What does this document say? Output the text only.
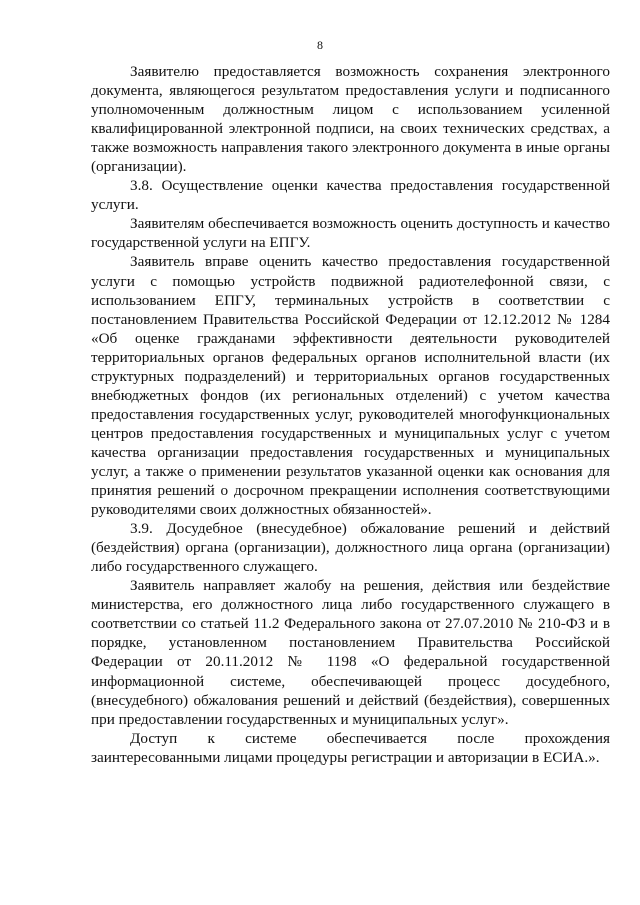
8

Заявителю предоставляется возможность сохранения электронного документа, являющегося результатом предоставления услуги и подписанного уполномоченным должностным лицом с использованием усиленной квалифицированной электронной подписи, на своих технических средствах, а также возможность направления такого электронного документа в иные органы (организации).

3.8. Осуществление оценки качества предоставления государственной услуги.

Заявителям обеспечивается возможность оценить доступность и качество государственной услуги на ЕПГУ.

Заявитель вправе оценить качество предоставления государственной услуги с помощью устройств подвижной радиотелефонной связи, с использованием ЕПГУ, терминальных устройств в соответствии с постановлением Правительства Российской Федерации от 12.12.2012 № 1284 «Об оценке гражданами эффективности деятельности руководителей территориальных органов федеральных органов исполнительной власти (их структурных подразделений) и территориальных органов государственных внебюджетных фондов (их региональных отделений) с учетом качества предоставления государственных услуг, руководителей многофункциональных центров предоставления государственных и муниципальных услуг с учетом качества организации предоставления государственных и муниципальных услуг, а также о применении результатов указанной оценки как основания для принятия решений о досрочном прекращении исполнения соответствующими руководителями своих должностных обязанностей».

3.9. Досудебное (внесудебное) обжалование решений и действий (бездействия) органа (организации), должностного лица органа (организации) либо государственного служащего.

Заявитель направляет жалобу на решения, действия или бездействие министерства, его должностного лица либо государственного служащего в соответствии со статьей 11.2 Федерального закона от 27.07.2010 № 210-ФЗ и в порядке, установленном постановлением Правительства Российской Федерации от 20.11.2012 № 1198 «О федеральной государственной информационной системе, обеспечивающей процесс досудебного, (внесудебного) обжалования решений и действий (бездействия), совершенных при предоставлении государственных и муниципальных услуг».

Доступ к системе обеспечивается после прохождения заинтересованными лицами процедуры регистрации и авторизации в ЕСИА.».
